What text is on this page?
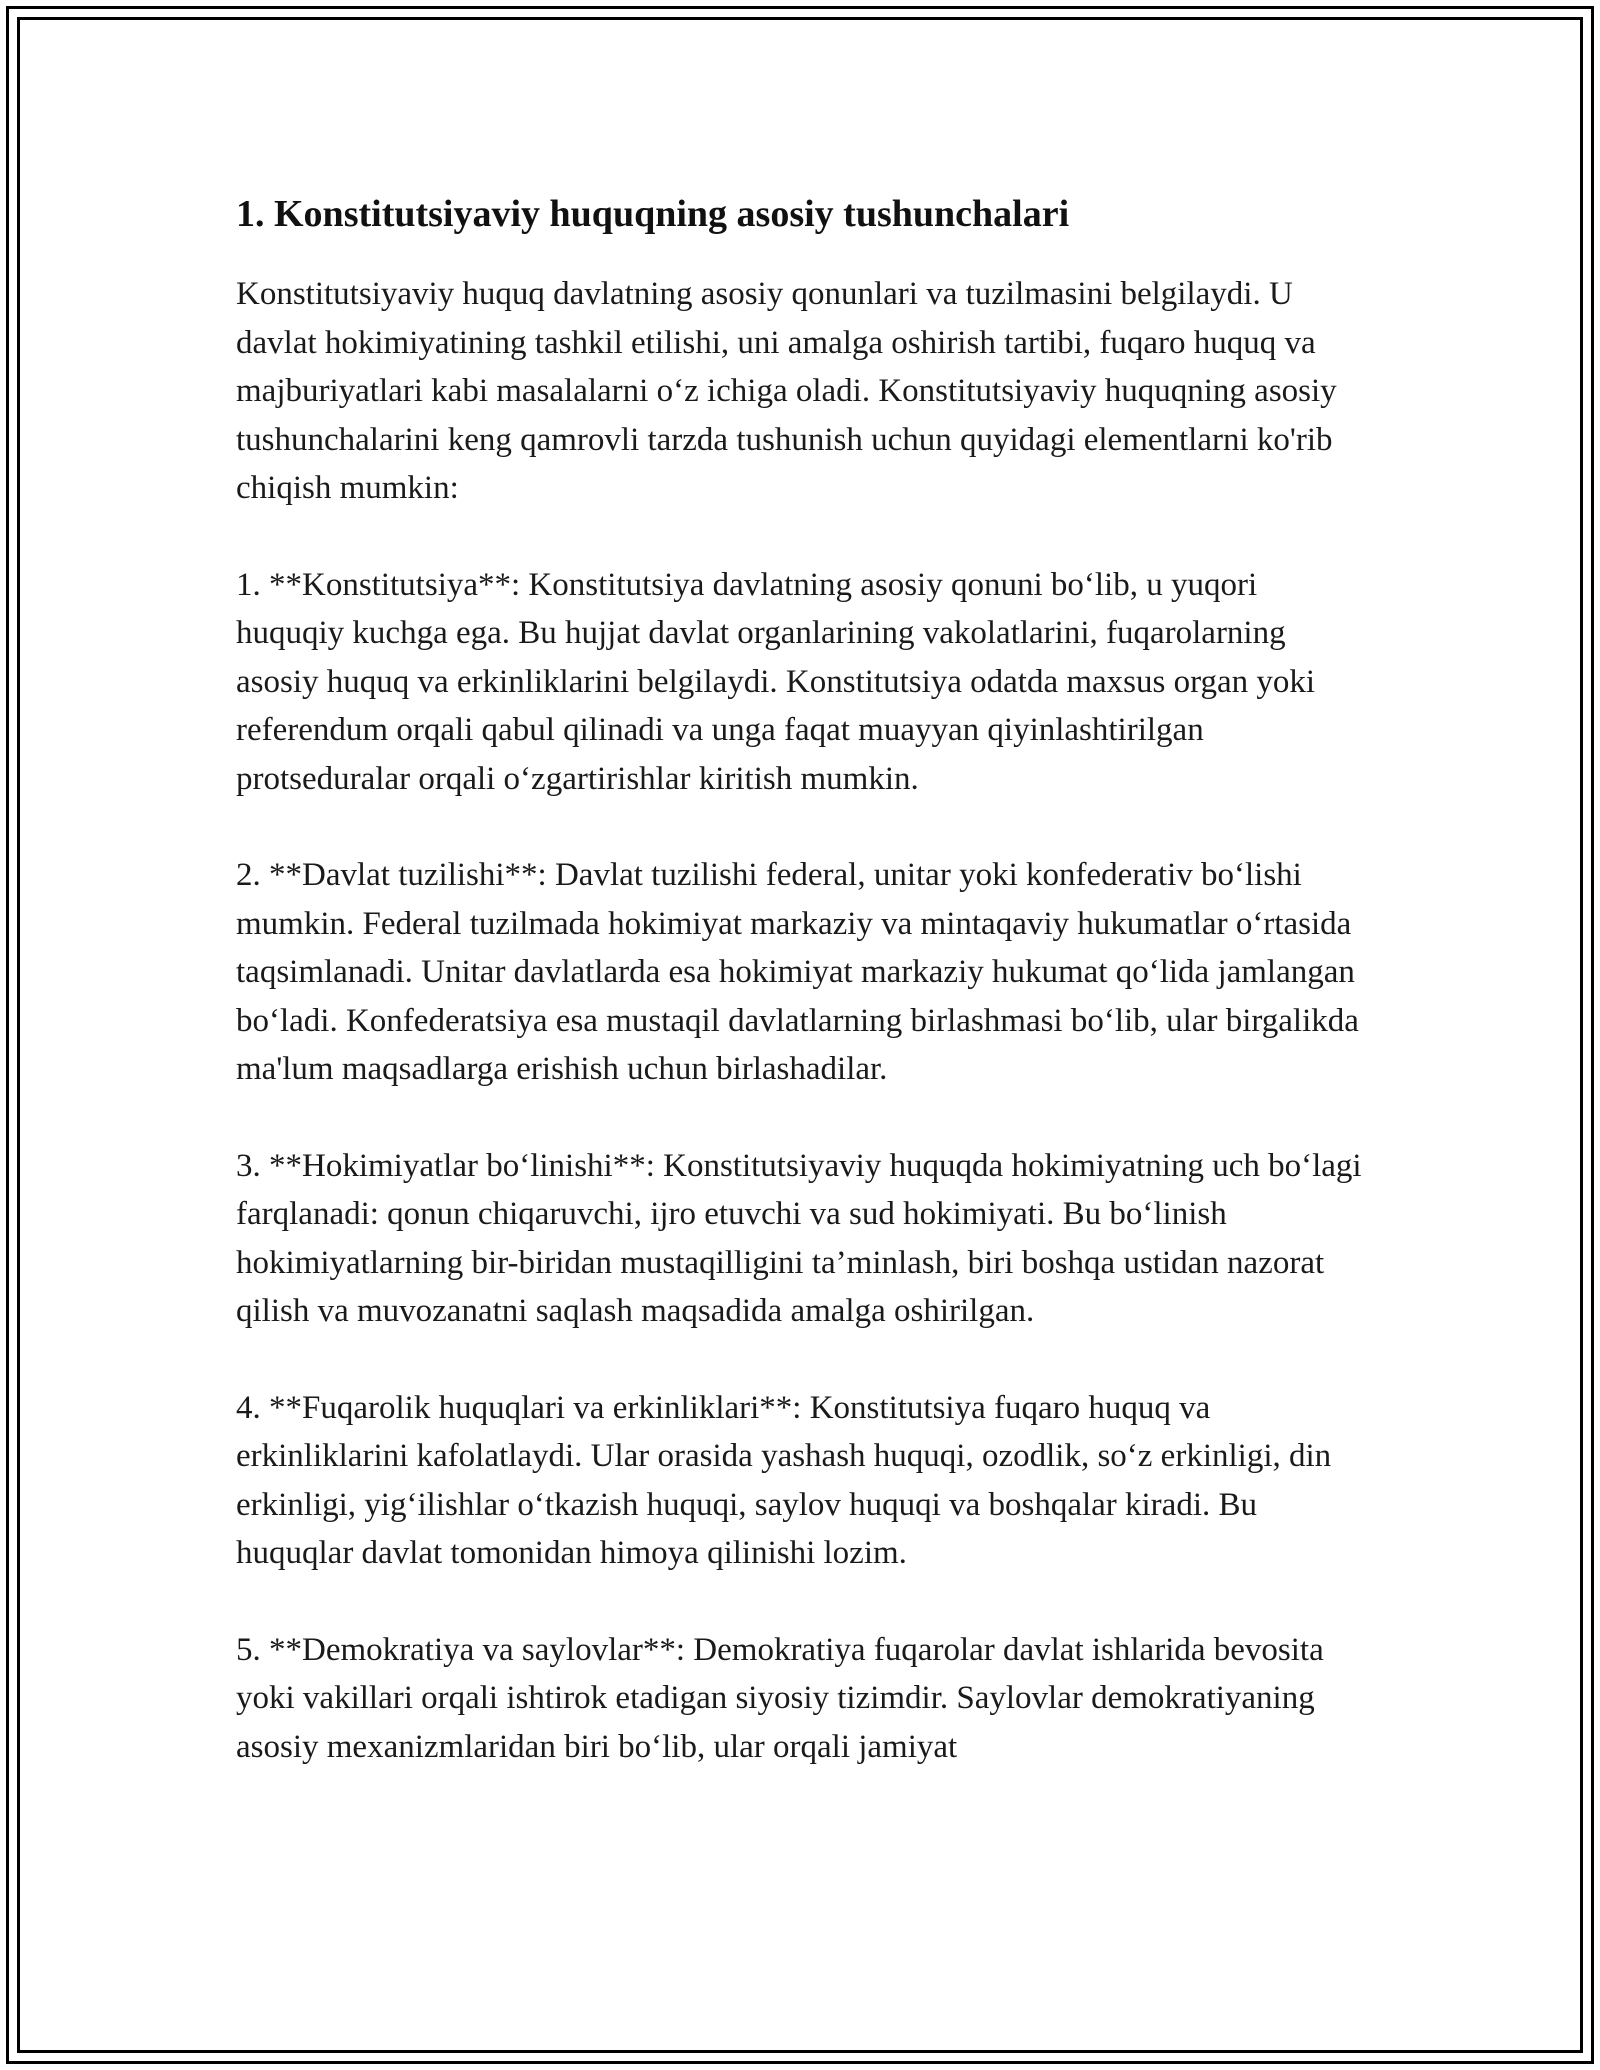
1. Konstitutsiyaviy huquqning asosiy tushunchalari

Konstitutsiyaviy huquq davlatning asosiy qonunlari va tuzilmasini belgilaydi. U davlat hokimiyatining tashkil etilishi, uni amalga oshirish tartibi, fuqaro huquq va majburiyatlari kabi masalalarni o‘z ichiga oladi. Konstitutsiyaviy huquqning asosiy tushunchalarini keng qamrovli tarzda tushunish uchun quyidagi elementlarni ko'rib chiqish mumkin:

1. **Konstitutsiya**: Konstitutsiya davlatning asosiy qonuni bo‘lib, u yuqori huquqiy kuchga ega. Bu hujjat davlat organlarining vakolatlarini, fuqarolarning asosiy huquq va erkinliklarini belgilaydi. Konstitutsiya odatda maxsus organ yoki referendum orqali qabul qilinadi va unga faqat muayyan qiyinlashtirilgan protseduralar orqali o‘zgartirishlar kiritish mumkin.

2. **Davlat tuzilishi**: Davlat tuzilishi federal, unitar yoki konfederativ bo‘lishi mumkin. Federal tuzilmada hokimiyat markaziy va mintaqaviy hukumatlar o‘rtasida taqsimlanadi. Unitar davlatlarda esa hokimiyat markaziy hukumat qo‘lida jamlangan bo‘ladi. Konfederatsiya esa mustaqil davlatlarning birlashmasi bo‘lib, ular birgalikda ma'lum maqsadlarga erishish uchun birlashadilar.

3. **Hokimiyatlar bo‘linishi**: Konstitutsiyaviy huquqda hokimiyatning uch bo‘lagi farqlanadi: qonun chiqaruvchi, ijro etuvchi va sud hokimiyati. Bu bo‘linish hokimiyatlarning bir-biridan mustaqilligini ta’minlash, biri boshqa ustidan nazorat qilish va muvozanatni saqlash maqsadida amalga oshirilgan.

4. **Fuqarolik huquqlari va erkinliklari**: Konstitutsiya fuqaro huquq va erkinliklarini kafolatlaydi. Ular orasida yashash huquqi, ozodlik, so‘z erkinligi, din erkinligi, yig‘ilishlar o‘tkazish huquqi, saylov huquqi va boshqalar kiradi. Bu huquqlar davlat tomonidan himoya qilinishi lozim.

5. **Demokratiya va saylovlar**: Demokratiya fuqarolar davlat ishlarida bevosita yoki vakillari orqali ishtirok etadigan siyosiy tizimdir. Saylovlar demokratiyaning asosiy mexanizmlaridan biri bo‘lib, ular orqali jamiyat
